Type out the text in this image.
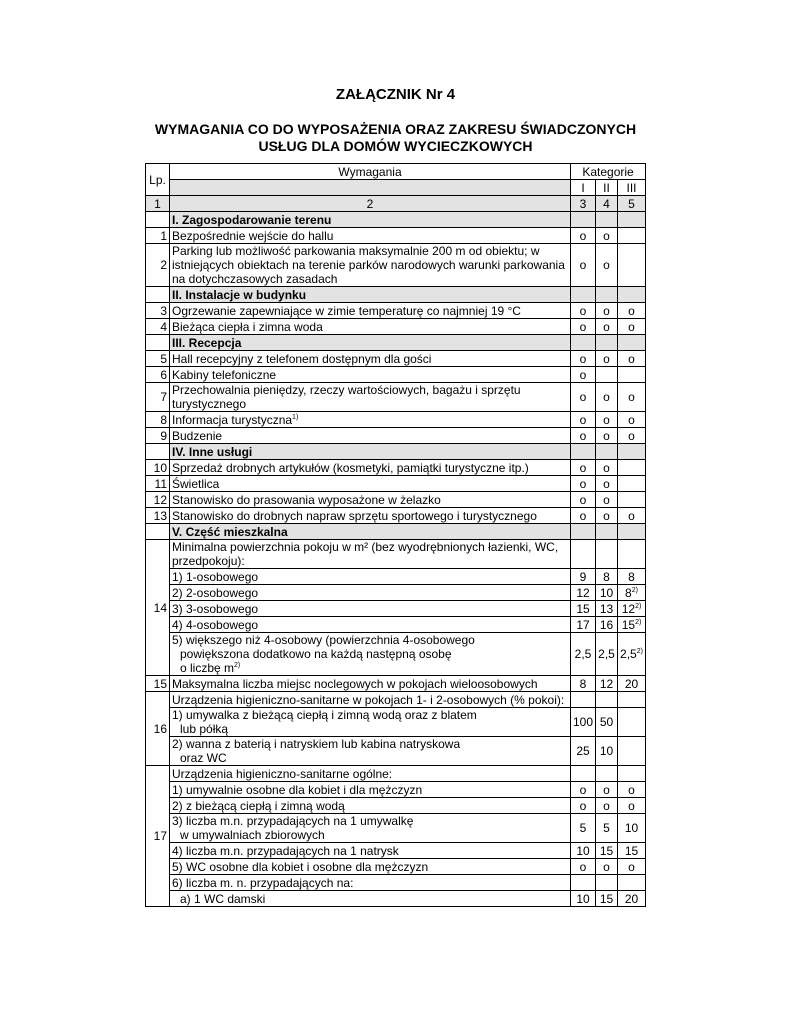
ZAŁĄCZNIK Nr 4
WYMAGANIA CO DO WYPOSAŻENIA ORAZ ZAKRESU ŚWIADCZONYCH
USŁUG DLA DOMÓW WYCIECZKOWYCH
Lp.	Wymagania	Kategorie		
		I	II	III
1	2	3	4	5
	I. Zagospodarowanie terenu			
1	Bezpośrednie wejście do hallu	o	o	
2	Parking lub możliwość parkowania maksymalnie 200 m od obiektu; w
istniejących obiektach na terenie parków narodowych warunki parkowania
na dotychczasowych zasadach	o	o	
	II. Instalacje w budynku			
3	Ogrzewanie zapewniające w zimie temperaturę co najmniej 19 °C	o	o	o
4	Bieżąca ciepła i zimna woda	o	o	o
	III. Recepcja			
5	Hall recepcyjny z telefonem dostępnym dla gości	o	o	o
6	Kabiny telefoniczne	o		
7	Przechowalnia pieniędzy, rzeczy wartościowych, bagażu i sprzętu
turystycznego	o	o	o
8	Informacja turystyczna$^{1)}$	o	o	o
9	Budzenie	o	o	o
	IV. Inne usługi			
10	Sprzedaż drobnych artykułów (kosmetyki, pamiątki turystyczne itp.)	o	o	
11	Świetlica	o	o	
12	Stanowisko do prasowania wyposażone w żelazko	o	o	
13	Stanowisko do drobnych napraw sprzętu sportowego i turystycznego	o	o	o
	V. Część mieszkalna			
14	Minimalna powierzchnia pokoju w m² (bez wyodrębnionych łazienki, WC,
przedpokoju):			

	1) 1-osobowego	9	8	8

	2) 2-osobowego	12	10	8$^{2)}$

	3) 3-osobowego	15	13	12$^{2)}$

	4) 4-osobowego	17	16	15$^{2)}$

	5) większego niż 4-osobowy (powierzchnia 4-osobowego
powiększona dodatkowo na każdą następną osobę
o liczbę $m^{2)}$	2,5	2,5	2,5$^{2)}$
15	Maksymalna liczba miejsc noclegowych w pokojach wieloosobowych	8	12	20
16	Urządzenia higieniczno-sanitarne w pokojach 1- i 2-osobowych (% pokoi):			

	1) umywalka z bieżącą ciepłą i zimną wodą oraz z blatem
lub półką	100	50	

	2) wanna z baterią i natryskiem lub kabina natryskowa
oraz WC	25	10	
17	Urządzenia higieniczno-sanitarne ogólne:			

	1) umywalnie osobne dla kobiet i dla mężczyzn	o	o	o

	2) z bieżącą ciepłą i zimną wodą	o	o	o

	3) liczba m.n. przypadających na 1 umywalkę
w umywalniach zbiorowych	5	5	10

	4) liczba m.n. przypadających na 1 natrysk	10	15	15

	5) WC osobne dla kobiet i osobne dla mężczyzn	o	o	o

	6) liczba m. n. przypadających na:			

	a) 1 WC damski	10	15	20
